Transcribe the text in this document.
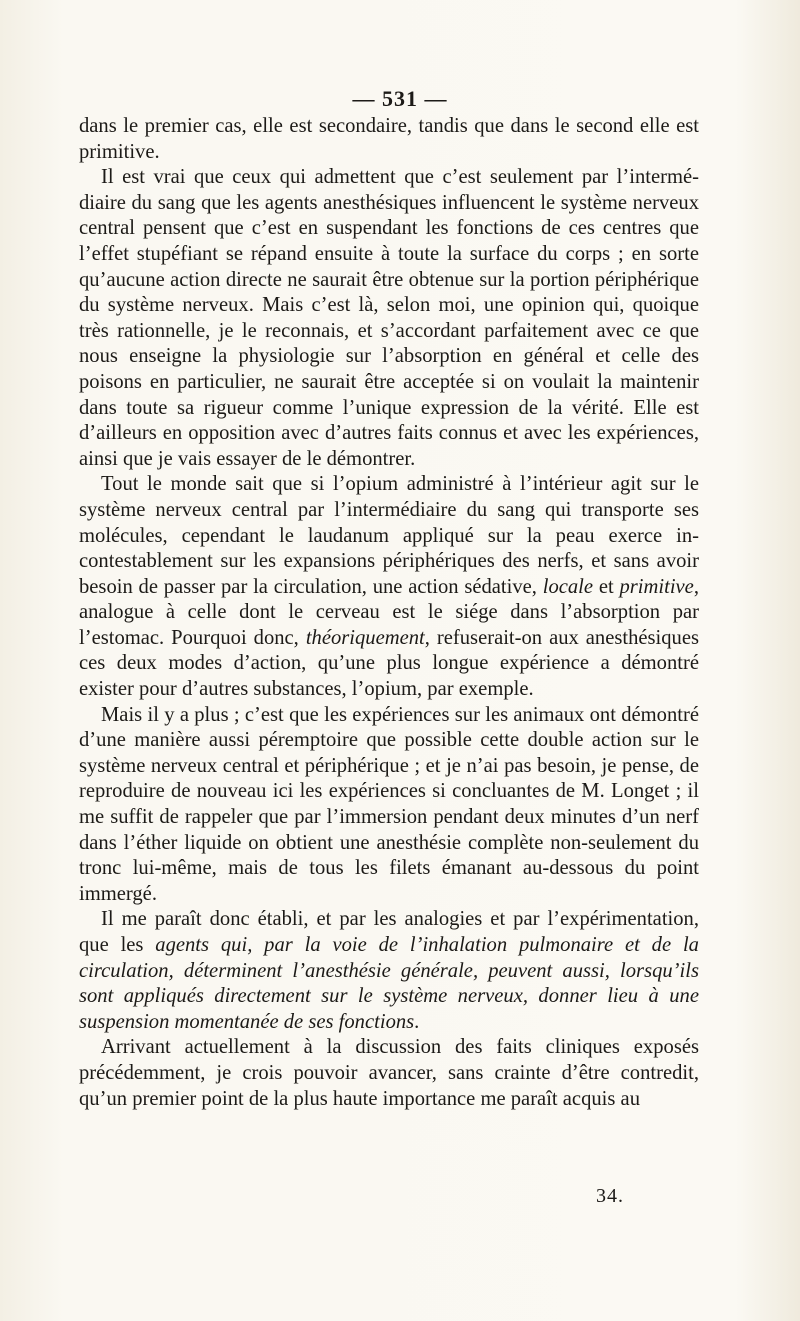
— 531 —

dans le premier cas, elle est secondaire, tandis que dans le second elle est primitive.

Il est vrai que ceux qui admettent que c’est seulement par l’intermédiaire du sang que les agents anesthésiques influencent le système nerveux central pensent que c’est en suspendant les fonctions de ces centres que l’effet stupéfiant se répand ensuite à toute la surface du corps ; en sorte qu’aucune action directe ne saurait être obtenue sur la portion périphérique du système nerveux. Mais c’est là, selon moi, une opinion qui, quoique très rationnelle, je le reconnais, et s’accordant parfaitement avec ce que nous enseigne la physiologie sur l’absorption en général et celle des poisons en particulier, ne saurait être acceptée si on voulait la maintenir dans toute sa rigueur comme l’unique expression de la vérité. Elle est d’ailleurs en opposition avec d’autres faits connus et avec les expériences, ainsi que je vais essayer de le démontrer.

Tout le monde sait que si l’opium administré à l’intérieur agit sur le système nerveux central par l’intermédiaire du sang qui transporte ses molécules, cependant le laudanum appliqué sur la peau exerce incontestablement sur les expansions périphériques des nerfs, et sans avoir besoin de passer par la circulation, une action sédative, locale et primitive, analogue à celle dont le cerveau est le siége dans l’absorption par l’estomac. Pourquoi donc, théoriquement, refuserait-on aux anesthésiques ces deux modes d’action, qu’une plus longue expérience a démontré exister pour d’autres substances, l’opium, par exemple.

Mais il y a plus ; c’est que les expériences sur les animaux ont démontré d’une manière aussi péremptoire que possible cette double action sur le système nerveux central et périphérique ; et je n’ai pas besoin, je pense, de reproduire de nouveau ici les expériences si concluantes de M. Longet ; il me suffit de rappeler que par l’immersion pendant deux minutes d’un nerf dans l’éther liquide on obtient une anesthésie complète non-seulement du tronc lui-même, mais de tous les filets émanant au-dessous du point immergé.

Il me paraît donc établi, et par les analogies et par l’expérimentation, que les agents qui, par la voie de l’inhalation pulmonaire et de la circulation, déterminent l’anesthésie générale, peuvent aussi, lorsqu’ils sont appliqués directement sur le système nerveux, donner lieu à une suspension momentanée de ses fonctions.

Arrivant actuellement à la discussion des faits cliniques exposés précédemment, je crois pouvoir avancer, sans crainte d’être contredit, qu’un premier point de la plus haute importance me paraît acquis au

34.
